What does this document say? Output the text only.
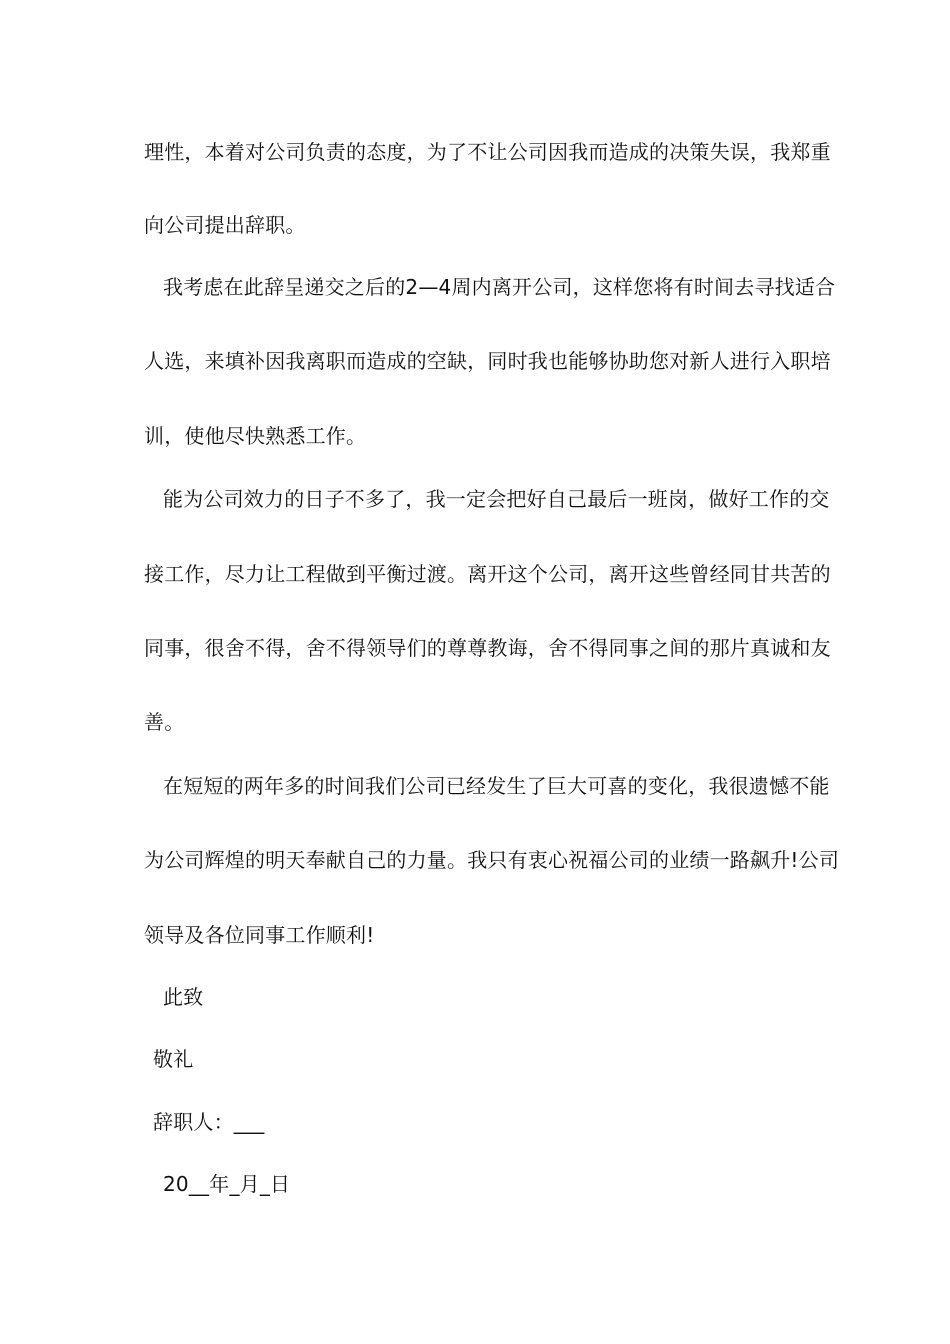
理性，本着对公司负责的态度，为了不让公司因我而造成的决策失误，我郑重
向公司提出辞职。
我考虑在此辞呈递交之后的2—4周内离开公司，这样您将有时间去寻找适合
人选，来填补因我离职而造成的空缺，同时我也能够协助您对新人进行入职培
训，使他尽快熟悉工作。
能为公司效力的日子不多了，我一定会把好自己最后一班岗，做好工作的交
接工作，尽力让工程做到平衡过渡。离开这个公司，离开这些曾经同甘共苦的
同事，很舍不得，舍不得领导们的尊尊教诲，舍不得同事之间的那片真诚和友
善。
在短短的两年多的时间我们公司已经发生了巨大可喜的变化，我很遗憾不能
为公司辉煌的明天奉献自己的力量。我只有衷心祝福公司的业绩一路飙升!公司
领导及各位同事工作顺利!
此致
敬礼
辞职人：___
20__年_月_日
